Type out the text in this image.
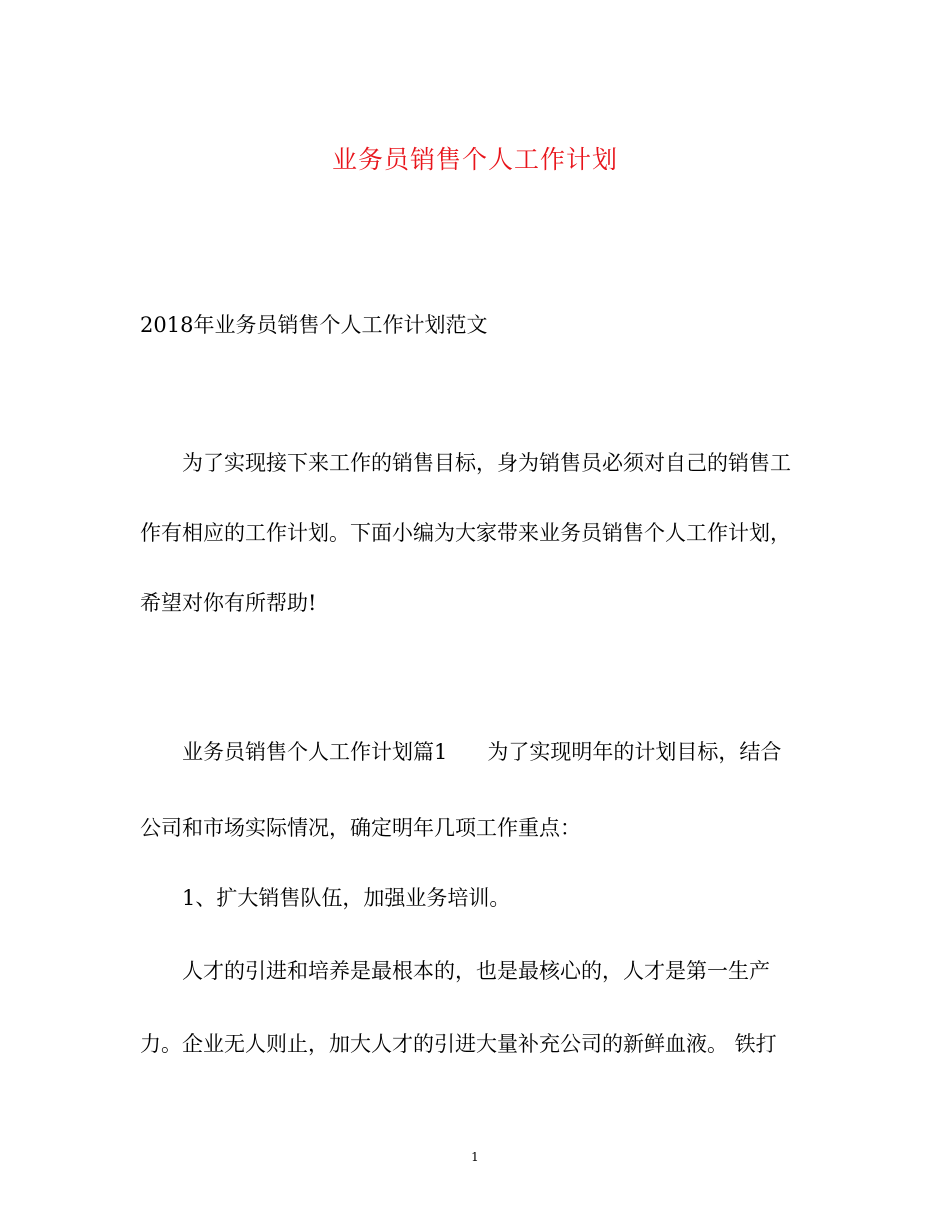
业务员销售个人工作计划
2018年业务员销售个人工作计划范文
为了实现接下来工作的销售目标，身为销售员必须对自己的销售工
作有相应的工作计划。下面小编为大家带来业务员销售个人工作计划，
希望对你有所帮助!
业务员销售个人工作计划篇1 为了实现明年的计划目标，结合
公司和市场实际情况，确定明年几项工作重点：
1、扩大销售队伍，加强业务培训。
人才的引进和培养是最根本的，也是最核心的，人才是第一生产
力。企业无人则止，加大人才的引进大量补充公司的新鲜血液。 铁打
1
